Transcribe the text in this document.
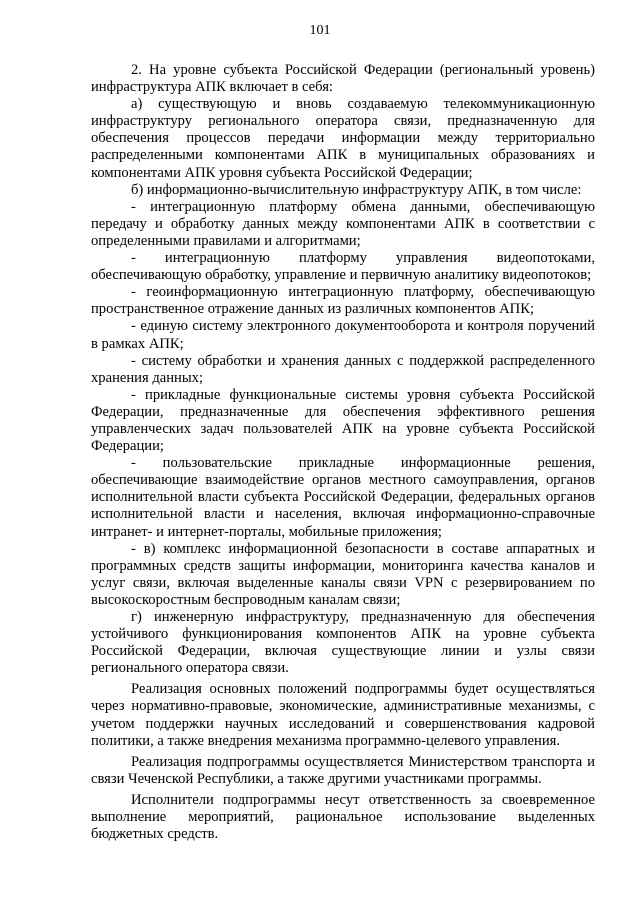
101

2. На уровне субъекта Российской Федерации (региональный уровень) инфраструктура АПК включает в себя:

а) существующую и вновь создаваемую телекоммуникационную инфраструктуру регионального оператора связи, предназначенную для обеспечения процессов передачи информации между территориально распределенными компонентами АПК в муниципальных образованиях и компонентами АПК уровня субъекта Российской Федерации;

б) информационно-вычислительную инфраструктуру АПК, в том числе:

- интеграционную платформу обмена данными, обеспечивающую передачу и обработку данных между компонентами АПК в соответствии с определенными правилами и алгоритмами;

- интеграционную платформу управления видеопотоками, обеспечивающую обработку, управление и первичную аналитику видеопотоков;

- геоинформационную интеграционную платформу, обеспечивающую пространственное отражение данных из различных компонентов АПК;

- единую систему электронного документооборота и контроля поручений в рамках АПК;

- систему обработки и хранения данных с поддержкой распределенного хранения данных;

- прикладные функциональные системы уровня субъекта Российской Федерации, предназначенные для обеспечения эффективного решения управленческих задач пользователей АПК на уровне субъекта Российской Федерации;

- пользовательские прикладные информационные решения, обеспечивающие взаимодействие органов местного самоуправления, органов исполнительной власти субъекта Российской Федерации, федеральных органов исполнительной власти и населения, включая информационно-справочные интранет- и интернет-порталы, мобильные приложения;

- в) комплекс информационной безопасности в составе аппаратных и программных средств защиты информации, мониторинга качества каналов и услуг связи, включая выделенные каналы связи VPN с резервированием по высокоскоростным беспроводным каналам связи;

г) инженерную инфраструктуру, предназначенную для обеспечения устойчивого функционирования компонентов АПК на уровне субъекта Российской Федерации, включая существующие линии и узлы связи регионального оператора связи.

Реализация основных положений подпрограммы будет осуществляться через нормативно-правовые, экономические, административные механизмы, с учетом поддержки научных исследований и совершенствования кадровой политики, а также внедрения механизма программно-целевого управления.

Реализация подпрограммы осуществляется Министерством транспорта и связи Чеченской Республики, а также другими участниками программы.

Исполнители подпрограммы несут ответственность за своевременное выполнение мероприятий, рациональное использование выделенных бюджетных средств.
